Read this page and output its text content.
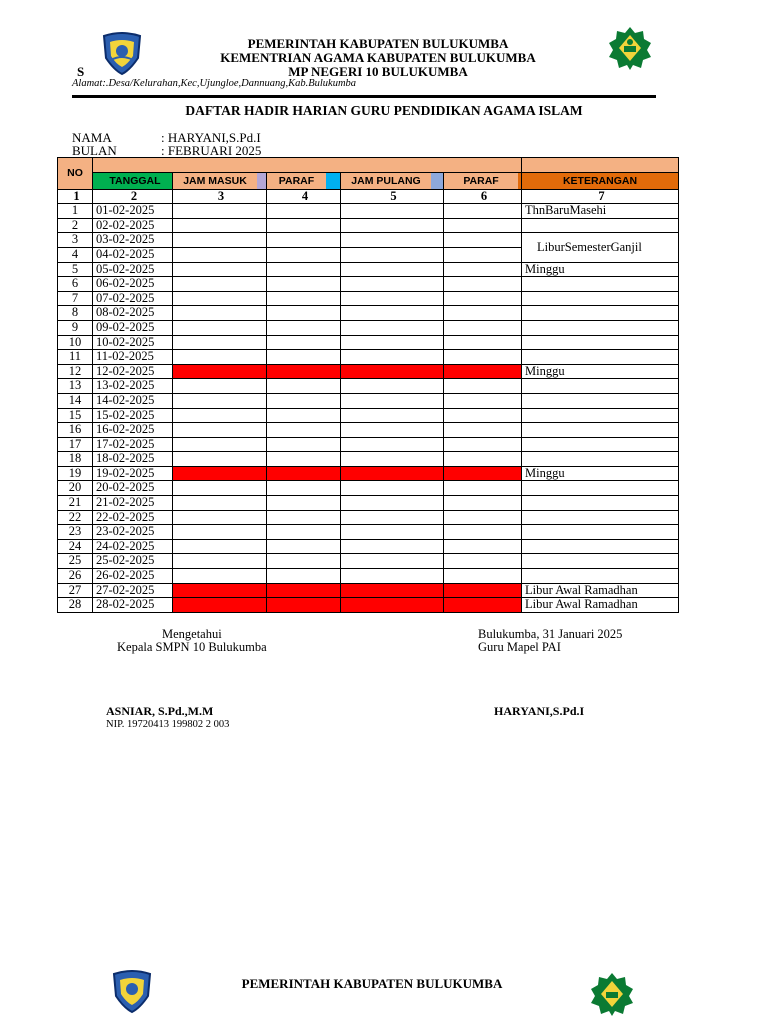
PEMERINTAH KABUPATEN BULUKUMBA
KEMENTRIAN AGAMA KABUPATEN BULUKUMBA
MP NEGERI 10 BULUKUMBA
S
Alamat:.Desa/Kelurahan,Kec,Ujungloe,Dannuang,Kab.Bulukumba
DAFTAR HADIR HARIAN GURU PENDIDIKAN AGAMA ISLAM
NAMA	: HARYANI,S.Pd.I
BULAN	: FEBRUARI 2025
NO						

	TANGGAL	JAM MASUK	PARAF	JAM PULANG	PARAF	KETERANGAN

1	2	3	4	5	6	7
1	01-02-2025					ThnBaruMasehi
2	02-02-2025					
3	03-02-2025					LiburSemesterGanjil
4	04-02-2025					
5	05-02-2025					Minggu
6	06-02-2025					
7	07-02-2025					
8	08-02-2025					
9	09-02-2025					
10	10-02-2025					
11	11-02-2025					
12	12-02-2025					Minggu
13	13-02-2025					
14	14-02-2025					
15	15-02-2025					
16	16-02-2025					
17	17-02-2025					
18	18-02-2025					
19	19-02-2025					Minggu
20	20-02-2025					
21	21-02-2025					
22	22-02-2025					
23	23-02-2025					
24	24-02-2025					
25	25-02-2025					
26	26-02-2025					
27	27-02-2025					Libur Awal Ramadhan
28	28-02-2025					Libur Awal Ramadhan
Mengetahui
Kepala SMPN 10 Bulukumba
ASNIAR, S.Pd.,M.M
NIP. 19720413 199802 2 003
Bulukumba, 31 Januari 2025
Guru Mapel PAI
HARYANI,S.Pd.I
PEMERINTAH KABUPATEN BULUKUMBA
